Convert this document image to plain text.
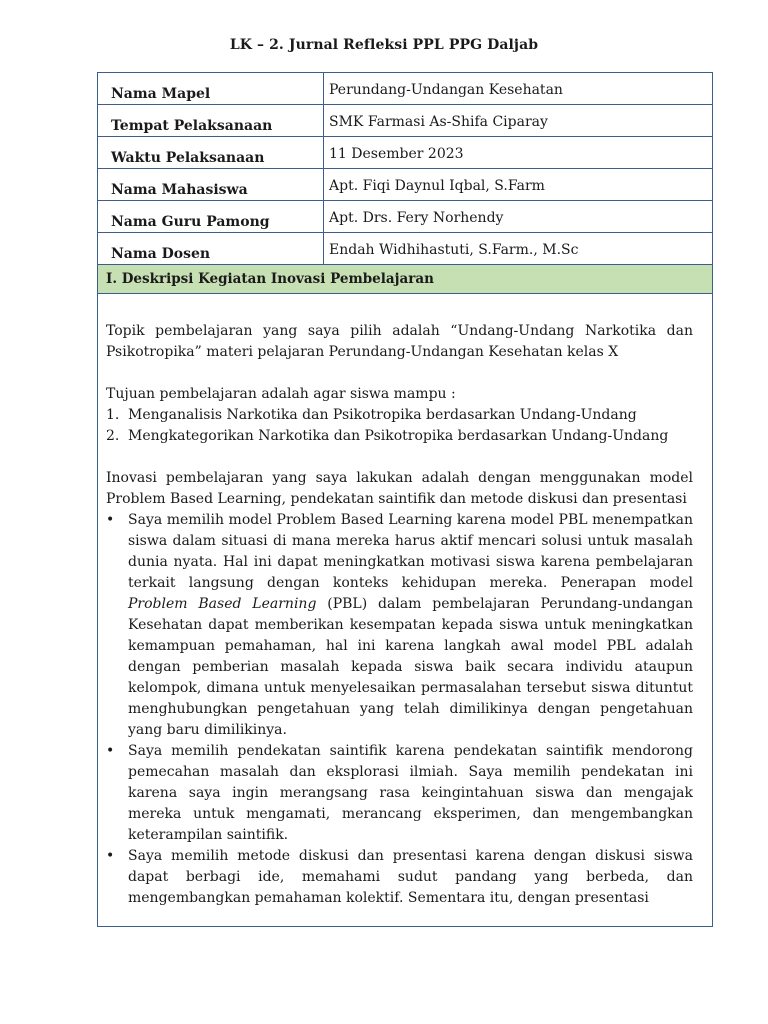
LK – 2. Jurnal Refleksi PPL PPG Daljab
Nama Mapel	Perundang-Undangan Kesehatan
Tempat Pelaksanaan	SMK Farmasi As-Shifa Ciparay
Waktu Pelaksanaan	11 Desember 2023
Nama Mahasiswa	Apt. Fiqi Daynul Iqbal, S.Farm
Nama Guru Pamong	Apt. Drs. Fery Norhendy
Nama Dosen	Endah Widhihastuti, S.Farm., M.Sc
I. Deskripsi Kegiatan Inovasi Pembelajaran

Topik pembelajaran yang saya pilih adalah “Undang-Undang Narkotika dan Psikotropika” materi pelajaran Perundang-Undangan Kesehatan kelas X

Tujuan pembelajaran adalah agar siswa mampu :

1. Menganalisis Narkotika dan Psikotropika berdasarkan Undang-Undang
2. Mengkategorikan Narkotika dan Psikotropika berdasarkan Undang-Undang

Inovasi pembelajaran yang saya lakukan adalah dengan menggunakan model Problem Based Learning, pendekatan saintifik dan metode diskusi dan presentasi

• Saya memilih model Problem Based Learning karena model PBL menempatkan siswa dalam situasi di mana mereka harus aktif mencari solusi untuk masalah dunia nyata. Hal ini dapat meningkatkan motivasi siswa karena pembelajaran terkait langsung dengan konteks kehidupan mereka. Penerapan model Problem Based Learning (PBL) dalam pembelajaran Perundang-undangan Kesehatan dapat memberikan kesempatan kepada siswa untuk meningkatkan kemampuan pemahaman, hal ini karena langkah awal model PBL adalah dengan pemberian masalah kepada siswa baik secara individu ataupun kelompok, dimana untuk menyelesaikan permasalahan tersebut siswa dituntut menghubungkan pengetahuan yang telah dimilikinya dengan pengetahuan yang baru dimilikinya.
• Saya memilih pendekatan saintifik karena pendekatan saintifik mendorong pemecahan masalah dan eksplorasi ilmiah. Saya memilih pendekatan ini karena saya ingin merangsang rasa keingintahuan siswa dan mengajak mereka untuk mengamati, merancang eksperimen, dan mengembangkan keterampilan saintifik.
• Saya memilih metode diskusi dan presentasi karena dengan diskusi siswa dapat berbagi ide, memahami sudut pandang yang berbeda, dan mengembangkan pemahaman kolektif. Sementara itu, dengan presentasi
